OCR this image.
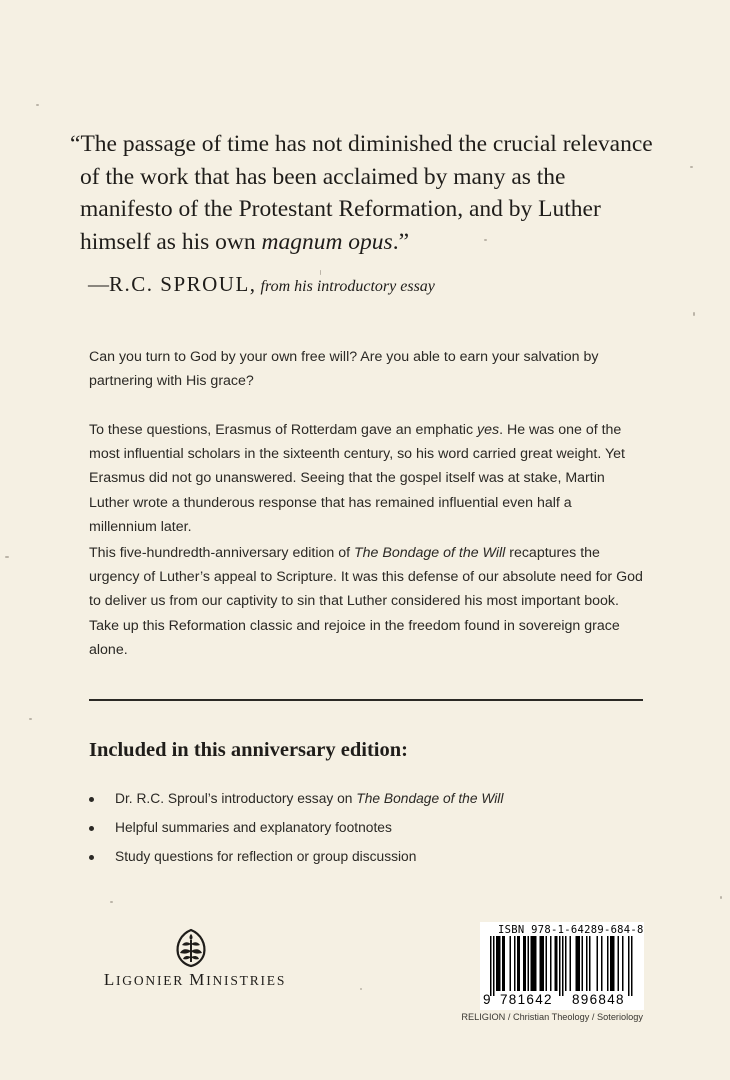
“The passage of time has not diminished the crucial relevance of the work that has been acclaimed by many as the manifesto of the Protestant Reformation, and by Luther himself as his own magnum opus.”
—R.C. SPROUL, from his introductory essay

Can you turn to God by your own free will? Are you able to earn your salvation by partnering with His grace?

To these questions, Erasmus of Rotterdam gave an emphatic yes. He was one of the most influential scholars in the sixteenth century, so his word carried great weight. Yet Erasmus did not go unanswered. Seeing that the gospel itself was at stake, Martin Luther wrote a thunderous response that has remained influential even half a millennium later.

This five-hundredth-anniversary edition of The Bondage of the Will recaptures the urgency of Luther’s appeal to Scripture. It was this defense of our absolute need for God to deliver us from our captivity to sin that Luther considered his most important book. Take up this Reformation classic and rejoice in the freedom found in sovereign grace alone.

Included in this anniversary edition:
Dr. R.C. Sproul’s introductory essay on The Bondage of the Will
Helpful summaries and explanatory footnotes
Study questions for reflection or group discussion
LIGONIER MINISTRIES
ISBN 978-1-64289-684-8
9 781642	896848
RELIGION / Christian Theology / Soteriology
